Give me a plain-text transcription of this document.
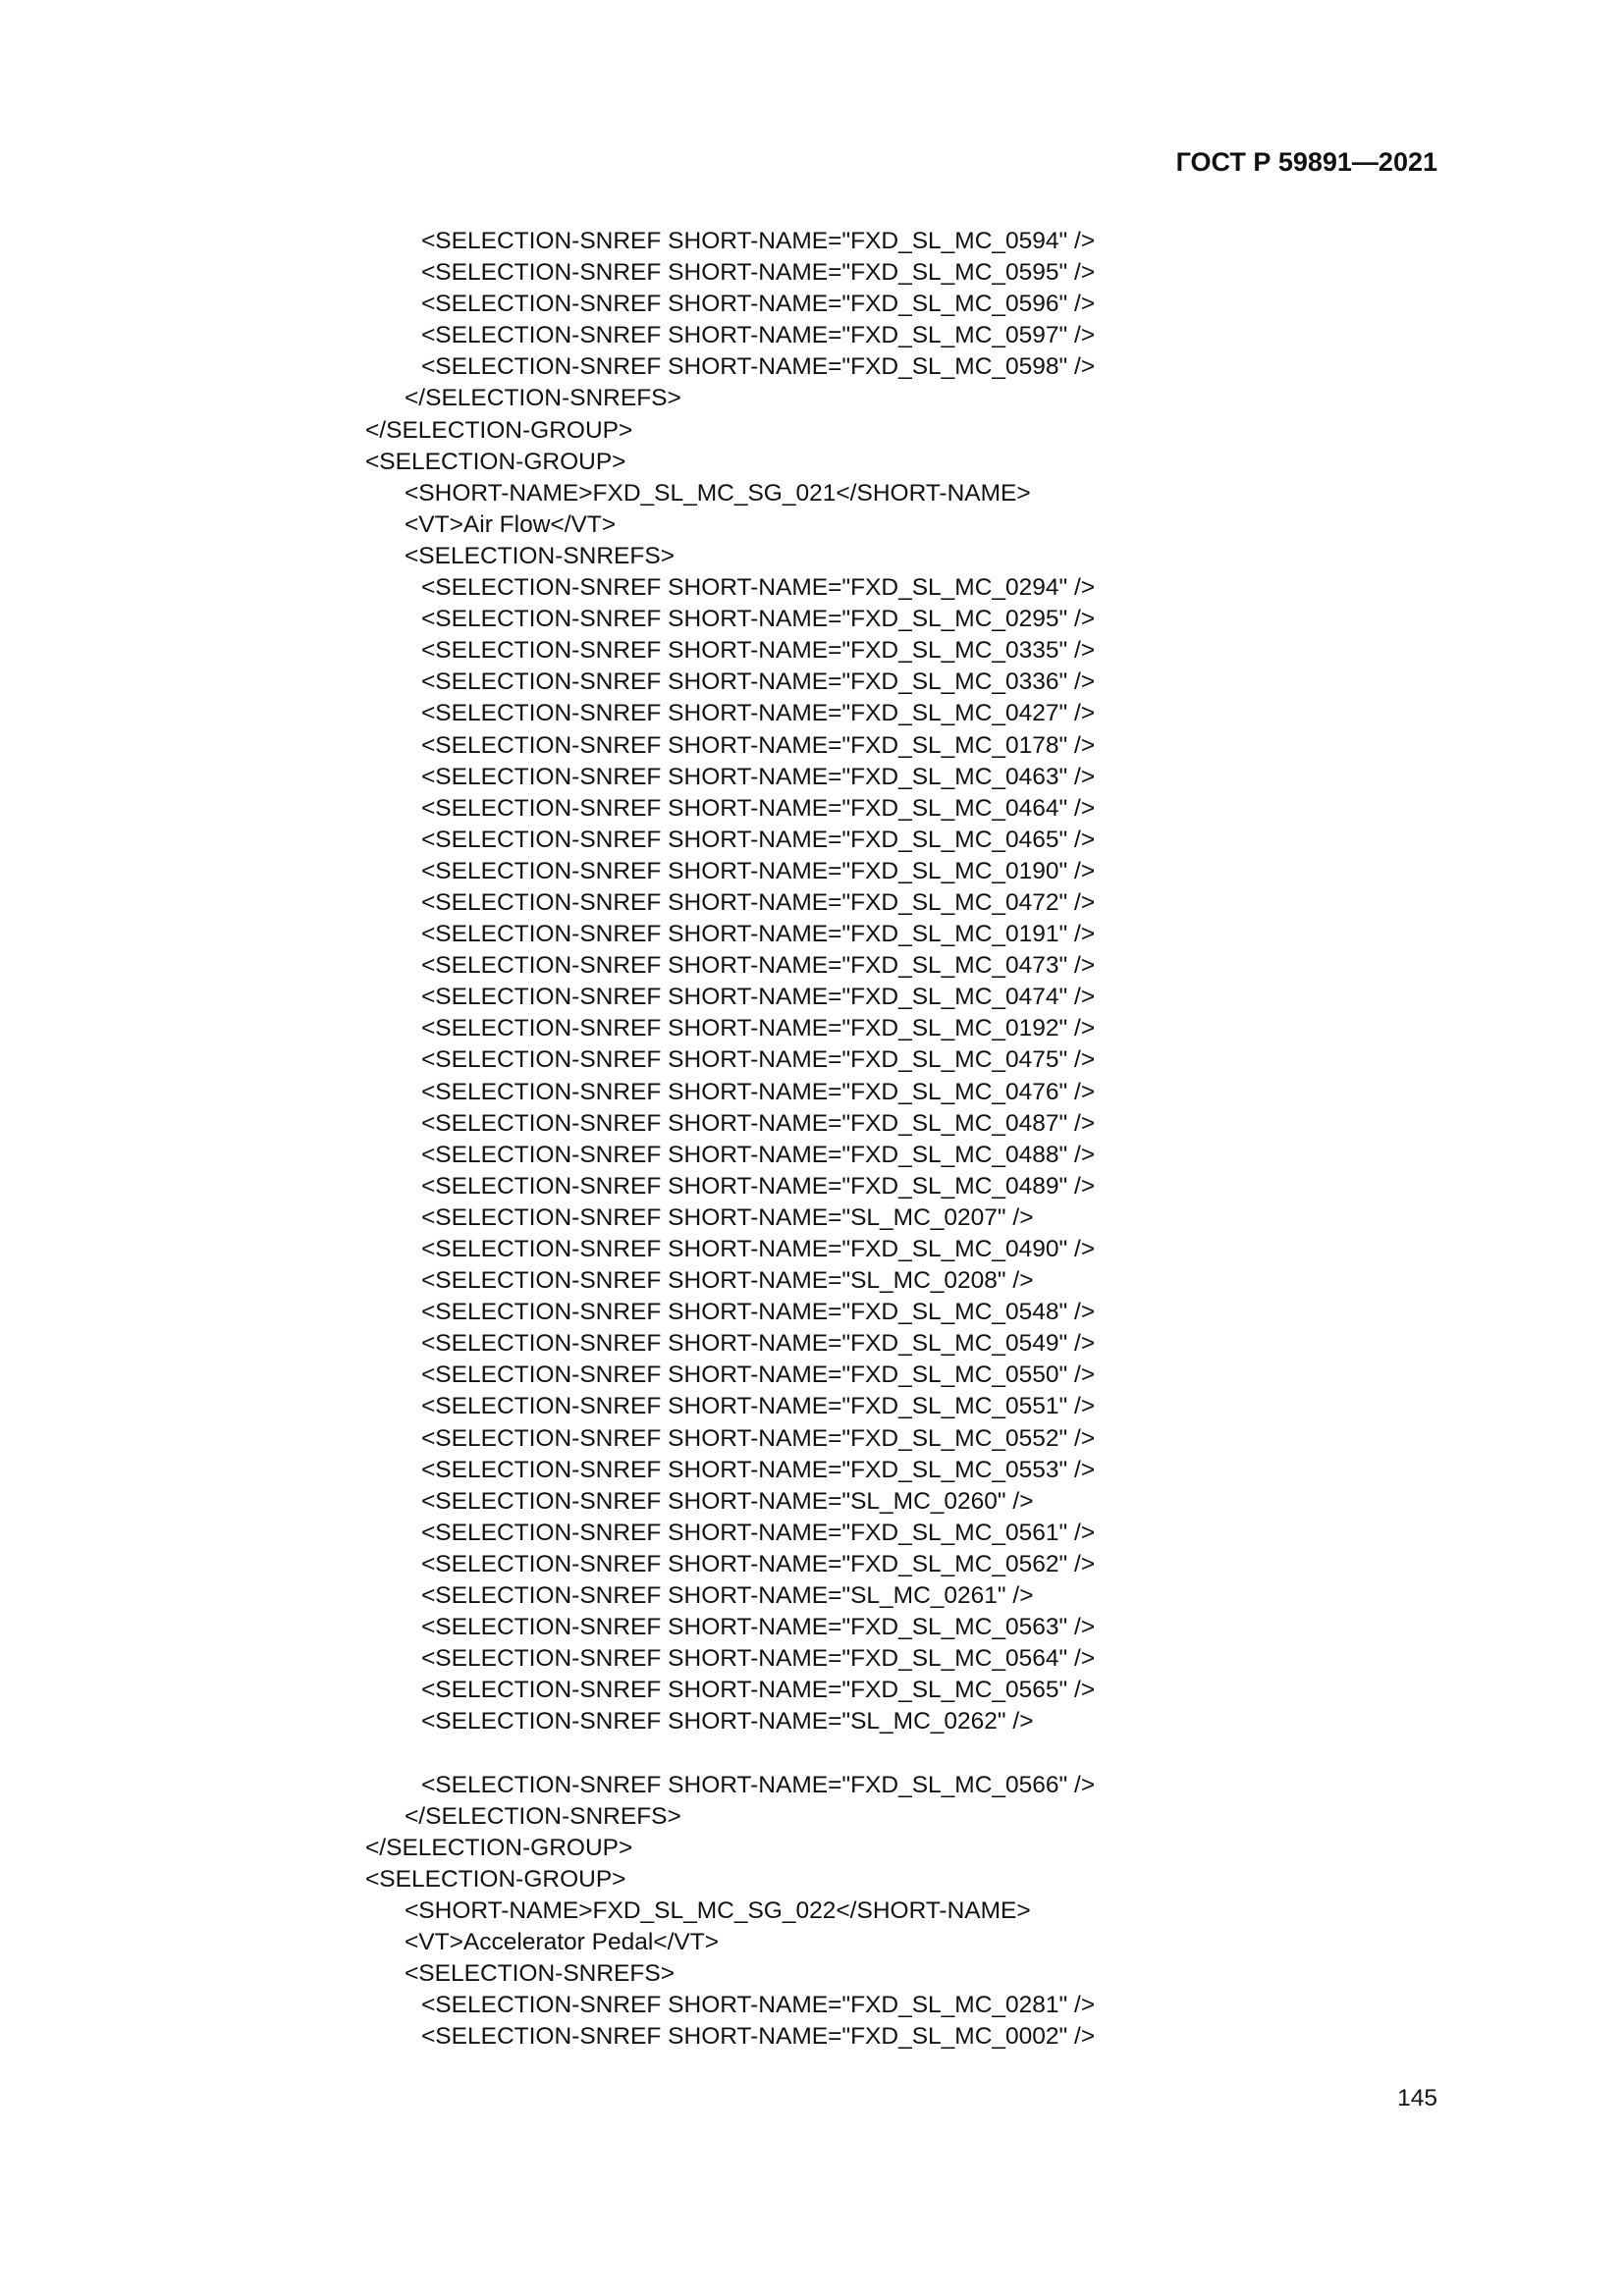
ГОСТ Р 59891—2021
<SELECTION-SNREF SHORT-NAME="FXD_SL_MC_0594" />
<SELECTION-SNREF SHORT-NAME="FXD_SL_MC_0595" />
<SELECTION-SNREF SHORT-NAME="FXD_SL_MC_0596" />
<SELECTION-SNREF SHORT-NAME="FXD_SL_MC_0597" />
<SELECTION-SNREF SHORT-NAME="FXD_SL_MC_0598" />
</SELECTION-SNREFS>
</SELECTION-GROUP>
<SELECTION-GROUP>
<SHORT-NAME>FXD_SL_MC_SG_021</SHORT-NAME>
<VT>Air Flow</VT>
<SELECTION-SNREFS>
<SELECTION-SNREF SHORT-NAME="FXD_SL_MC_0294" />
<SELECTION-SNREF SHORT-NAME="FXD_SL_MC_0295" />
<SELECTION-SNREF SHORT-NAME="FXD_SL_MC_0335" />
<SELECTION-SNREF SHORT-NAME="FXD_SL_MC_0336" />
<SELECTION-SNREF SHORT-NAME="FXD_SL_MC_0427" />
<SELECTION-SNREF SHORT-NAME="FXD_SL_MC_0178" />
<SELECTION-SNREF SHORT-NAME="FXD_SL_MC_0463" />
<SELECTION-SNREF SHORT-NAME="FXD_SL_MC_0464" />
<SELECTION-SNREF SHORT-NAME="FXD_SL_MC_0465" />
<SELECTION-SNREF SHORT-NAME="FXD_SL_MC_0190" />
<SELECTION-SNREF SHORT-NAME="FXD_SL_MC_0472" />
<SELECTION-SNREF SHORT-NAME="FXD_SL_MC_0191" />
<SELECTION-SNREF SHORT-NAME="FXD_SL_MC_0473" />
<SELECTION-SNREF SHORT-NAME="FXD_SL_MC_0474" />
<SELECTION-SNREF SHORT-NAME="FXD_SL_MC_0192" />
<SELECTION-SNREF SHORT-NAME="FXD_SL_MC_0475" />
<SELECTION-SNREF SHORT-NAME="FXD_SL_MC_0476" />
<SELECTION-SNREF SHORT-NAME="FXD_SL_MC_0487" />
<SELECTION-SNREF SHORT-NAME="FXD_SL_MC_0488" />
<SELECTION-SNREF SHORT-NAME="FXD_SL_MC_0489" />
<SELECTION-SNREF SHORT-NAME="SL_MC_0207" />
<SELECTION-SNREF SHORT-NAME="FXD_SL_MC_0490" />
<SELECTION-SNREF SHORT-NAME="SL_MC_0208" />
<SELECTION-SNREF SHORT-NAME="FXD_SL_MC_0548" />
<SELECTION-SNREF SHORT-NAME="FXD_SL_MC_0549" />
<SELECTION-SNREF SHORT-NAME="FXD_SL_MC_0550" />
<SELECTION-SNREF SHORT-NAME="FXD_SL_MC_0551" />
<SELECTION-SNREF SHORT-NAME="FXD_SL_MC_0552" />
<SELECTION-SNREF SHORT-NAME="FXD_SL_MC_0553" />
<SELECTION-SNREF SHORT-NAME="SL_MC_0260" />
<SELECTION-SNREF SHORT-NAME="FXD_SL_MC_0561" />
<SELECTION-SNREF SHORT-NAME="FXD_SL_MC_0562" />
<SELECTION-SNREF SHORT-NAME="SL_MC_0261" />
<SELECTION-SNREF SHORT-NAME="FXD_SL_MC_0563" />
<SELECTION-SNREF SHORT-NAME="FXD_SL_MC_0564" />
<SELECTION-SNREF SHORT-NAME="FXD_SL_MC_0565" />
<SELECTION-SNREF SHORT-NAME="SL_MC_0262" />
<SELECTION-SNREF SHORT-NAME="FXD_SL_MC_0566" />
</SELECTION-SNREFS>
</SELECTION-GROUP>
<SELECTION-GROUP>
<SHORT-NAME>FXD_SL_MC_SG_022</SHORT-NAME>
<VT>Accelerator Pedal</VT>
<SELECTION-SNREFS>
<SELECTION-SNREF SHORT-NAME="FXD_SL_MC_0281" />
<SELECTION-SNREF SHORT-NAME="FXD_SL_MC_0002" />
145
